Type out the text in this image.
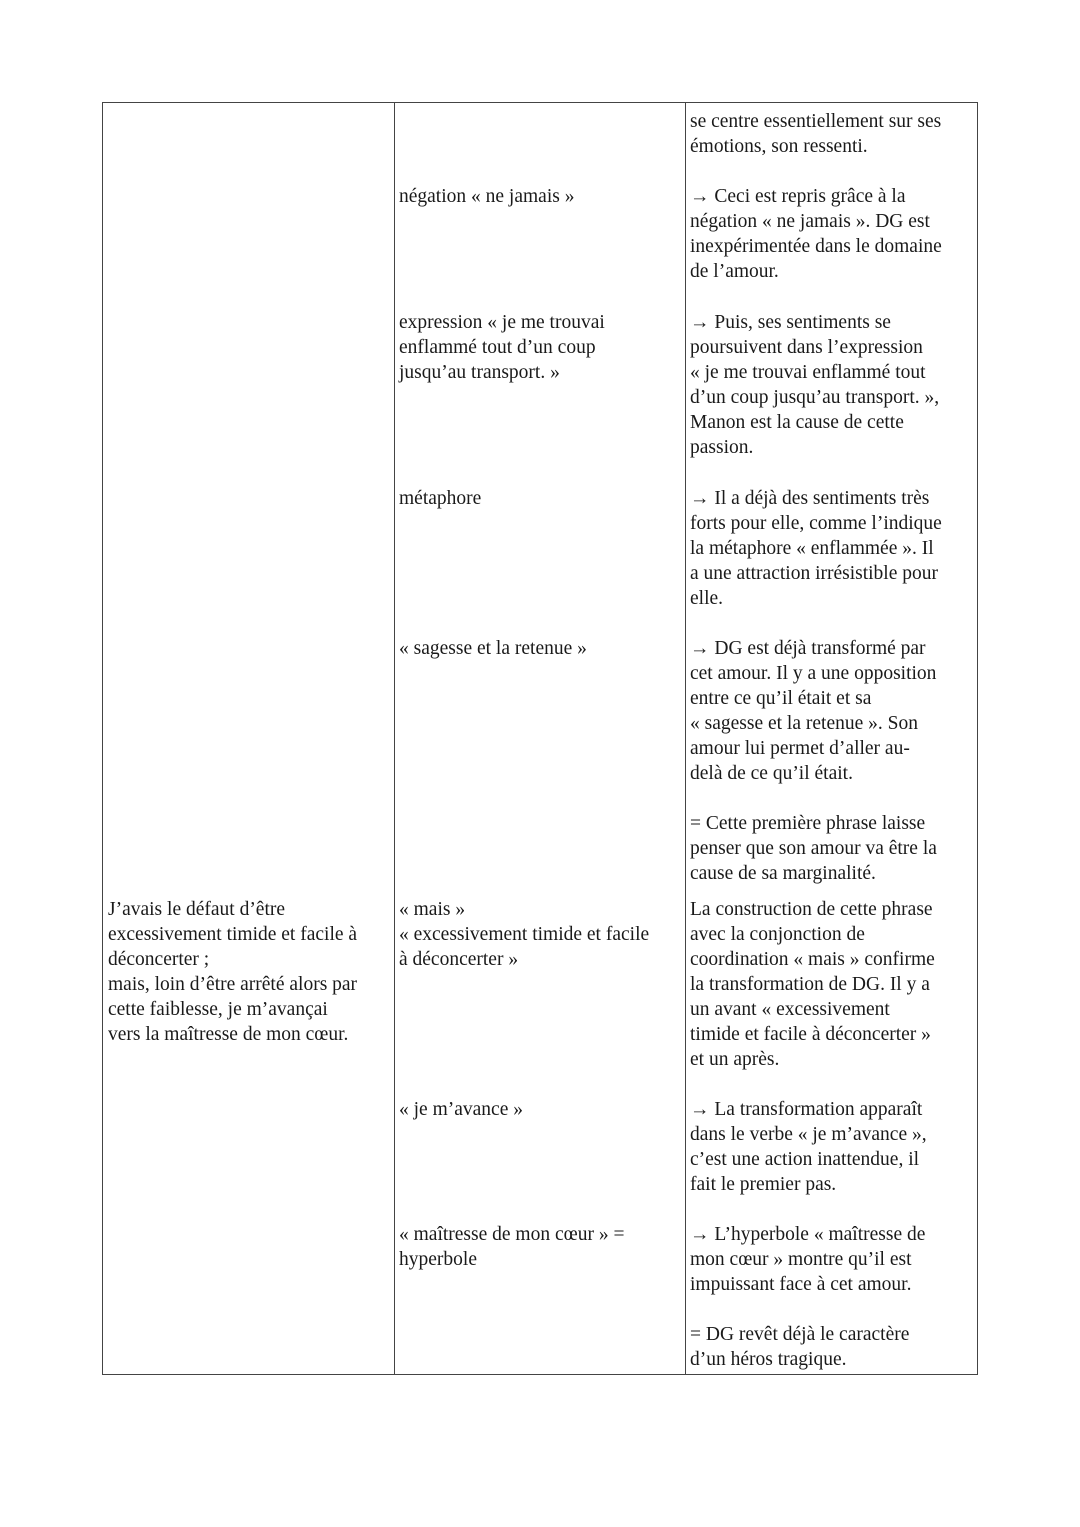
J’avais le défaut d’être
excessivement timide et facile à
déconcerter ;
mais, loin d’être arrêté alors par
cette faiblesse, je m’avançai
vers la maîtresse de mon cœur.
négation « ne jamais »
expression « je me trouvai
enflammé tout d’un coup
jusqu’au transport. »
métaphore
« sagesse et la retenue »
« mais »
« excessivement timide et facile
à déconcerter »
« je m’avance »
« maîtresse de mon cœur » =
hyperbole
se centre essentiellement sur ses
émotions, son ressenti.
→ Ceci est repris grâce à la
négation « ne jamais ». DG est
inexpérimentée dans le domaine
de l’amour.
→ Puis, ses sentiments se
poursuivent dans l’expression
« je me trouvai enflammé tout
d’un coup jusqu’au transport. »,
Manon est la cause de cette
passion.
→ Il a déjà des sentiments très
forts pour elle, comme l’indique
la métaphore « enflammée ». Il
a une attraction irrésistible pour
elle.
→ DG est déjà transformé par
cet amour. Il y a une opposition
entre ce qu’il était et sa
« sagesse et la retenue ». Son
amour lui permet d’aller au-
delà de ce qu’il était.
= Cette première phrase laisse
penser que son amour va être la
cause de sa marginalité.
La construction de cette phrase
avec la conjonction de
coordination « mais » confirme
la transformation de DG. Il y a
un avant « excessivement
timide et facile à déconcerter »
et un après.
→ La transformation apparaît
dans le verbe « je m’avance »,
c’est une action inattendue, il
fait le premier pas.
→ L’hyperbole « maîtresse de
mon cœur » montre qu’il est
impuissant face à cet amour.
= DG revêt déjà le caractère
d’un héros tragique.
